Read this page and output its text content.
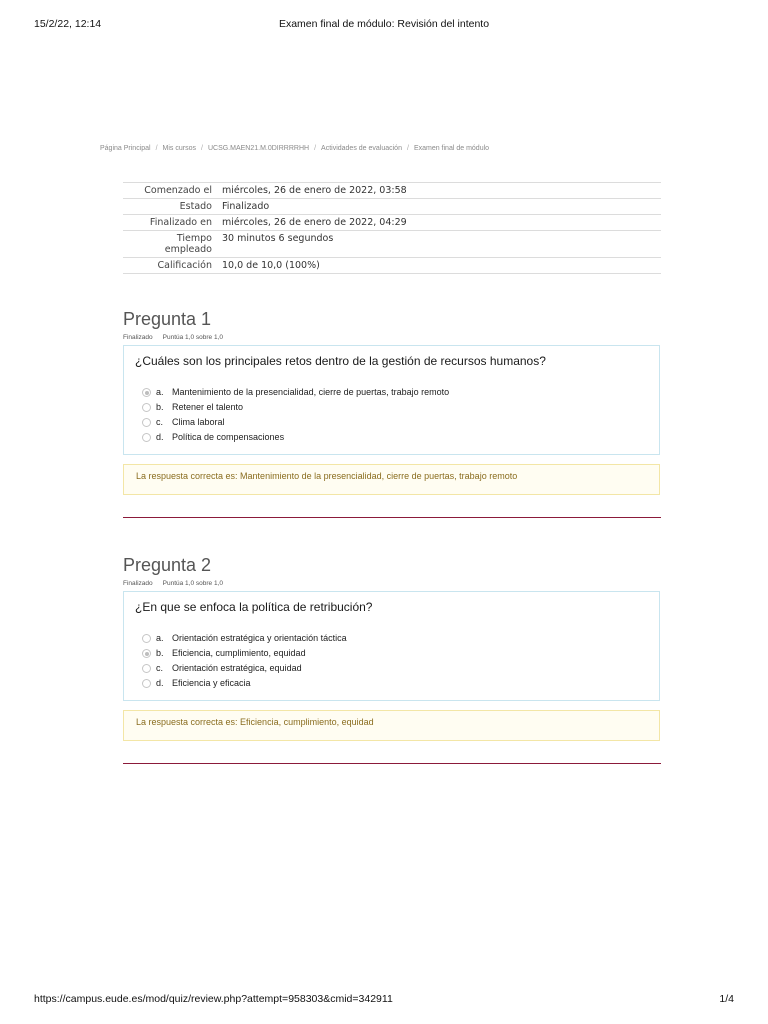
15/2/22, 12:14	Examen final de módulo: Revisión del intento
Página Principal / Mis cursos / UCSG.MAEN21.M.0DIRRRRHH / Actividades de evaluación / Examen final de módulo
Comenzado el	miércoles, 26 de enero de 2022, 03:58
Estado	Finalizado
Finalizado en	miércoles, 26 de enero de 2022, 04:29
Tiempo
empleado	30 minutos 6 segundos
Calificación	10,0 de 10,0 (100%)
Pregunta 1
Finalizado Puntúa 1,0 sobre 1,0
¿Cuáles son los principales retos dentro de la gestión de recursos humanos?
a. Mantenimiento de la presencialidad, cierre de puertas, trabajo remoto
b. Retener el talento
c. Clima laboral
d. Política de compensaciones
La respuesta correcta es: Mantenimiento de la presencialidad, cierre de puertas, trabajo remoto
Pregunta 2
Finalizado Puntúa 1,0 sobre 1,0
¿En que se enfoca la política de retribución?
a. Orientación estratégica y orientación táctica
b. Eficiencia, cumplimiento, equidad
c. Orientación estratégica, equidad
d. Eficiencia y eficacia
La respuesta correcta es: Eficiencia, cumplimiento, equidad
https://campus.eude.es/mod/quiz/review.php?attempt=958303&cmid=342911	1/4
